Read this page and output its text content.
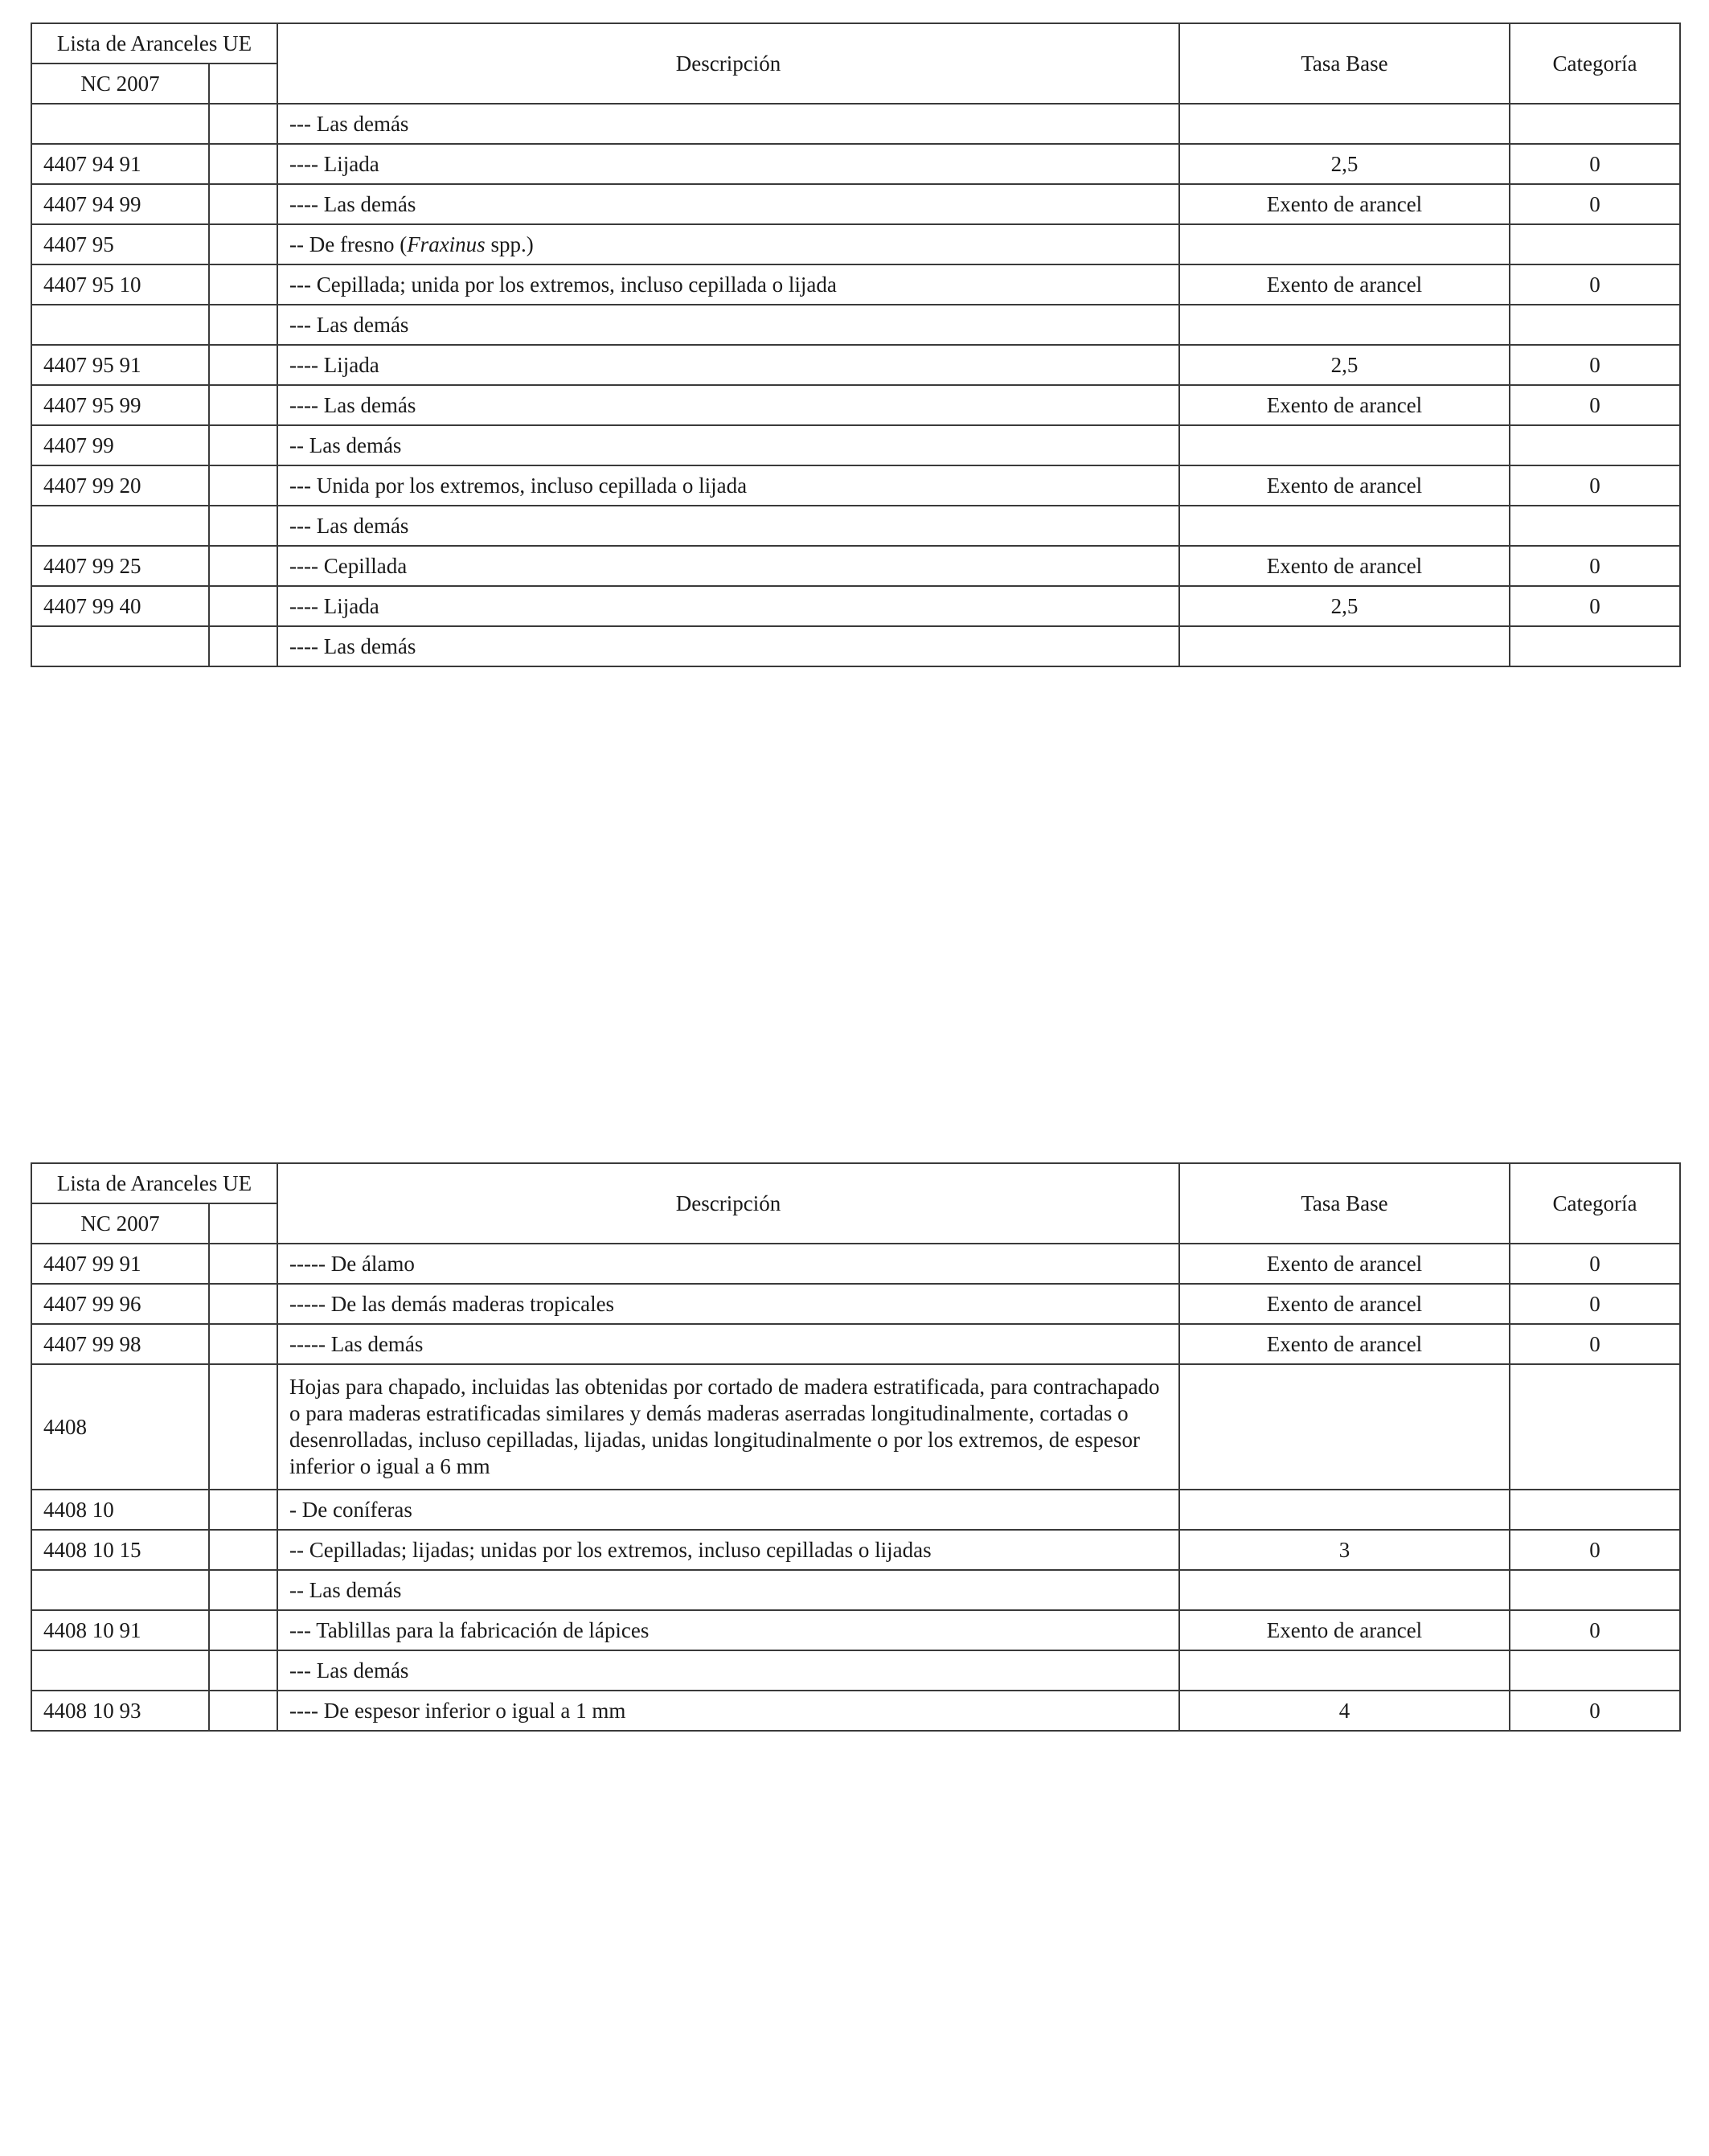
Lista de Aranceles UE		Descripción	Tasa Base	Categoría
NC 2007				
		--- Las demás		
4407 94 91		---- Lijada	2,5	0
4407 94 99		---- Las demás	Exento de arancel	0
4407 95		-- De fresno (Fraxinus spp.)		
4407 95 10		--- Cepillada; unida por los extremos, incluso cepillada o lijada	Exento de arancel	0
		--- Las demás		
4407 95 91		---- Lijada	2,5	0
4407 95 99		---- Las demás	Exento de arancel	0
4407 99		-- Las demás		
4407 99 20		--- Unida por los extremos, incluso cepillada o lijada	Exento de arancel	0
		--- Las demás		
4407 99 25		---- Cepillada	Exento de arancel	0
4407 99 40		---- Lijada	2,5	0
		---- Las demás		
Lista de Aranceles UE		Descripción	Tasa Base	Categoría
NC 2007				
4407 99 91		----- De álamo	Exento de arancel	0
4407 99 96		----- De las demás maderas tropicales	Exento de arancel	0
4407 99 98		----- Las demás	Exento de arancel	0
4408		Hojas para chapado, incluidas las obtenidas por cortado de madera estratificada, para contrachapado o para maderas estratificadas similares y demás maderas aserradas longitudinalmente, cortadas o desenrolladas, incluso cepilladas, lijadas, unidas longitudinalmente o por los extremos, de espesor inferior o igual a 6 mm		
4408 10		- De coníferas		
4408 10 15		-- Cepilladas; lijadas; unidas por los extremos, incluso cepilladas o lijadas	3	0
		-- Las demás		
4408 10 91		--- Tablillas para la fabricación de lápices	Exento de arancel	0
		--- Las demás		
4408 10 93		---- De espesor inferior o igual a 1 mm	4	0
